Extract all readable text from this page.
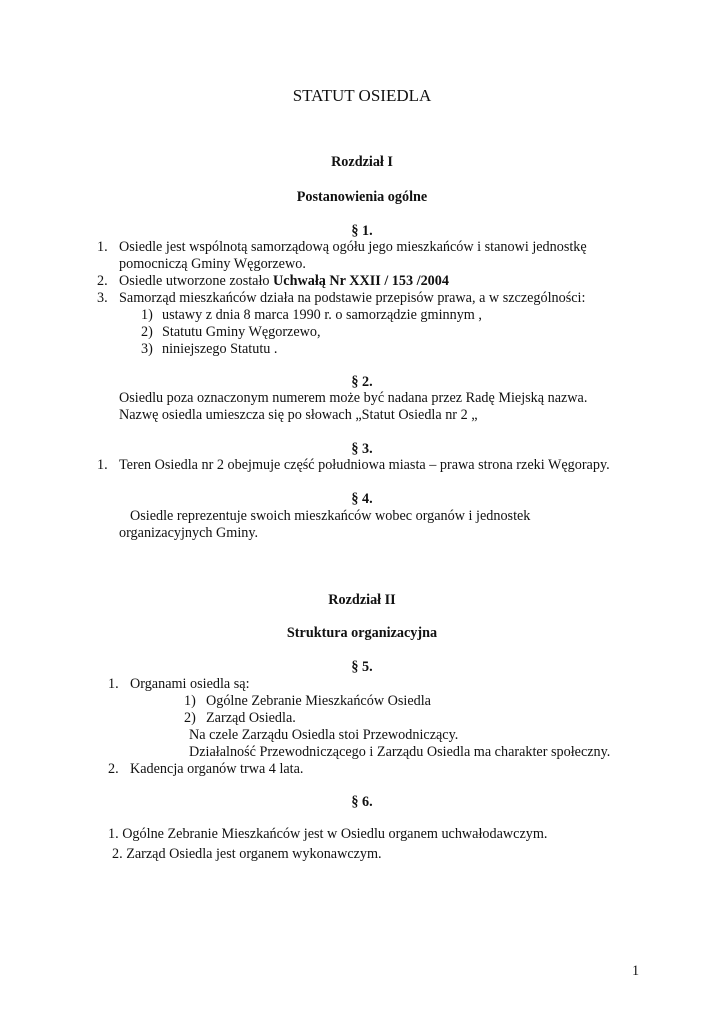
STATUT OSIEDLA
Rozdział I
Postanowienia ogólne
§ 1.
1. Osiedle jest wspólnotą samorządową ogółu jego mieszkańców i stanowi jednostkę
pomocniczą Gminy Węgorzewo.
2. Osiedle utworzone zostało Uchwałą Nr XXII / 153 /2004
3. Samorząd mieszkańców działa na podstawie przepisów prawa, a w szczególności:
1) ustawy z dnia 8 marca 1990 r. o samorządzie gminnym ,
2) Statutu Gminy Węgorzewo,
3) niniejszego Statutu .
§ 2.
Osiedlu poza oznaczonym numerem może być nadana przez Radę Miejską nazwa.
Nazwę osiedla umieszcza się po słowach „Statut Osiedla nr 2 „
§ 3.
1. Teren Osiedla nr 2 obejmuje część południowa miasta – prawa strona rzeki Węgorapy.
§ 4.
Osiedle reprezentuje swoich mieszkańców wobec organów i jednostek
organizacyjnych Gminy.
Rozdział II
Struktura organizacyjna
§ 5.
1. Organami osiedla są:
1) Ogólne Zebranie Mieszkańców Osiedla
2) Zarząd Osiedla.
Na czele Zarządu Osiedla stoi Przewodniczący.
Działalność Przewodniczącego i Zarządu Osiedla ma charakter społeczny.
2. Kadencja organów trwa 4 lata.
§ 6.
1. Ogólne Zebranie Mieszkańców jest w Osiedlu organem uchwałodawczym.
2. Zarząd Osiedla jest organem wykonawczym.
1
